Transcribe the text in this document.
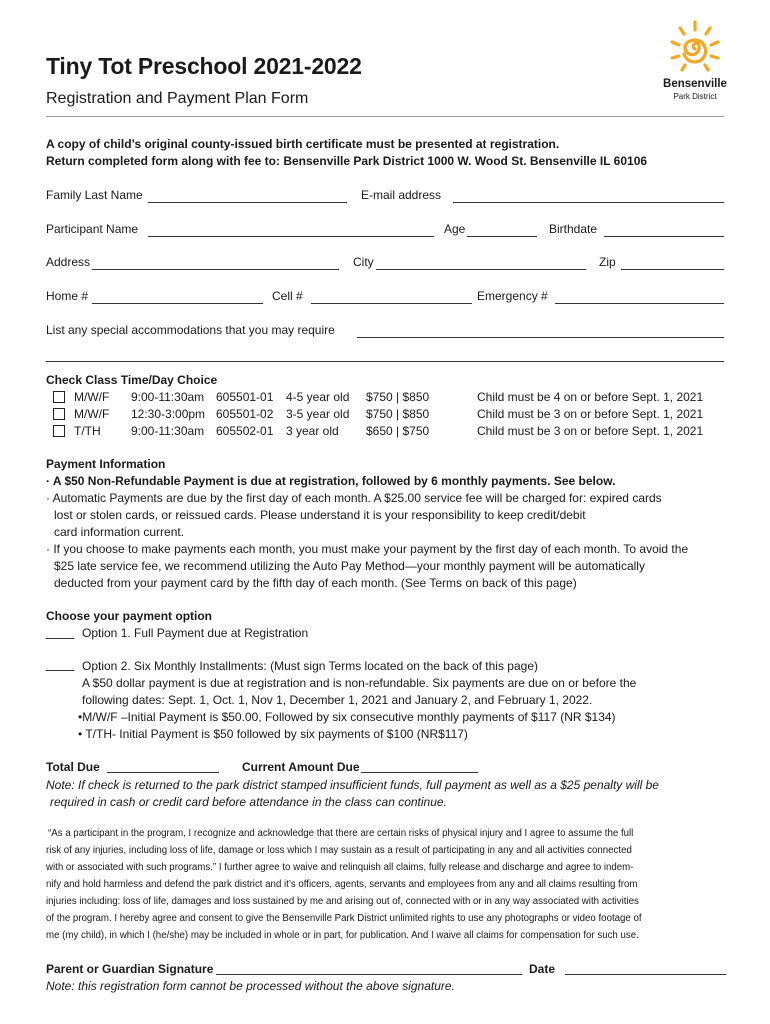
Tiny Tot Preschool 2021-2022
Registration and Payment Plan Form
Bensenville
Park District
A copy of child’s original county-issued birth certificate must be presented at registration.
Return completed form along with fee to: Bensenville Park District 1000 W. Wood St. Bensenville IL 60106
Family Last Name	E-mail address
Participant Name	Age	Birthdate
Address	City	Zip
Home #	Cell #	Emergency #
List any special accommodations that you may require
Check Class Time/Day Choice
M/W/F 9:00-11:30am 605501-01 4-5 year old $750 | $850	Child must be 4 on or before Sept. 1, 2021
M/W/F 12:30-3:00pm 605501-02 3-5 year old $750 | $850	Child must be 3 on or before Sept. 1, 2021
T/TH	9:00-11:30am 605502-01 3 year old $650 | $750	Child must be 3 on or before Sept. 1, 2021
Payment Information
· A $50 Non-Refundable Payment is due at registration, followed by 6 monthly payments. See below.
· Automatic Payments are due by the first day of each month. A $25.00 service fee will be charged for: expired cards
lost or stolen cards, or reissued cards. Please understand it is your responsibility to keep credit/debit
card information current.
· If you choose to make payments each month, you must make your payment by the first day of each month. To avoid the
$25 late service fee, we recommend utilizing the Auto Pay Method—your monthly payment will be automatically
deducted from your payment card by the fifth day of each month. (See Terms on back of this page)
Choose your payment option
Option 1. Full Payment due at Registration
Option 2. Six Monthly Installments: (Must sign Terms located on the back of this page)
A $50 dollar payment is due at registration and is non-refundable. Six payments are due on or before the
following dates: Sept. 1, Oct. 1, Nov 1, December 1, 2021 and January 2, and February 1, 2022.
•M/W/F –Initial Payment is $50.00, Followed by six consecutive monthly payments of $117 (NR $134)
• T/TH- Initial Payment is $50 followed by six payments of $100 (NR$117)
Total Due	Current Amount Due
Note: If check is returned to the park district stamped insufficient funds, full payment as well as a $25 penalty will be
required in cash or credit card before attendance in the class can continue.
“As a participant in the program, I recognize and acknowledge that there are certain risks of physical injury and I agree to assume the full
risk of any injuries, including loss of life, damage or loss which I may sustain as a result of participating in any and all activities connected
with or associated with such programs.” I further agree to waive and relinquish all claims, fully release and discharge and agree to indem-
nify and hold harmless and defend the park district and it’s officers, agents, servants and employees from any and all claims resulting from
injuries including: loss of life, damages and loss sustained by me and arising out of, connected with or in any way associated with activities
of the program. I hereby agree and consent to give the Bensenville Park District unlimited rights to use any photographs or video footage of
me (my child), in which I (he/she) may be included in whole or in part, for publication. And I waive all claims for compensation for such use.
Parent or Guardian Signature	Date
Note: this registration form cannot be processed without the above signature.
